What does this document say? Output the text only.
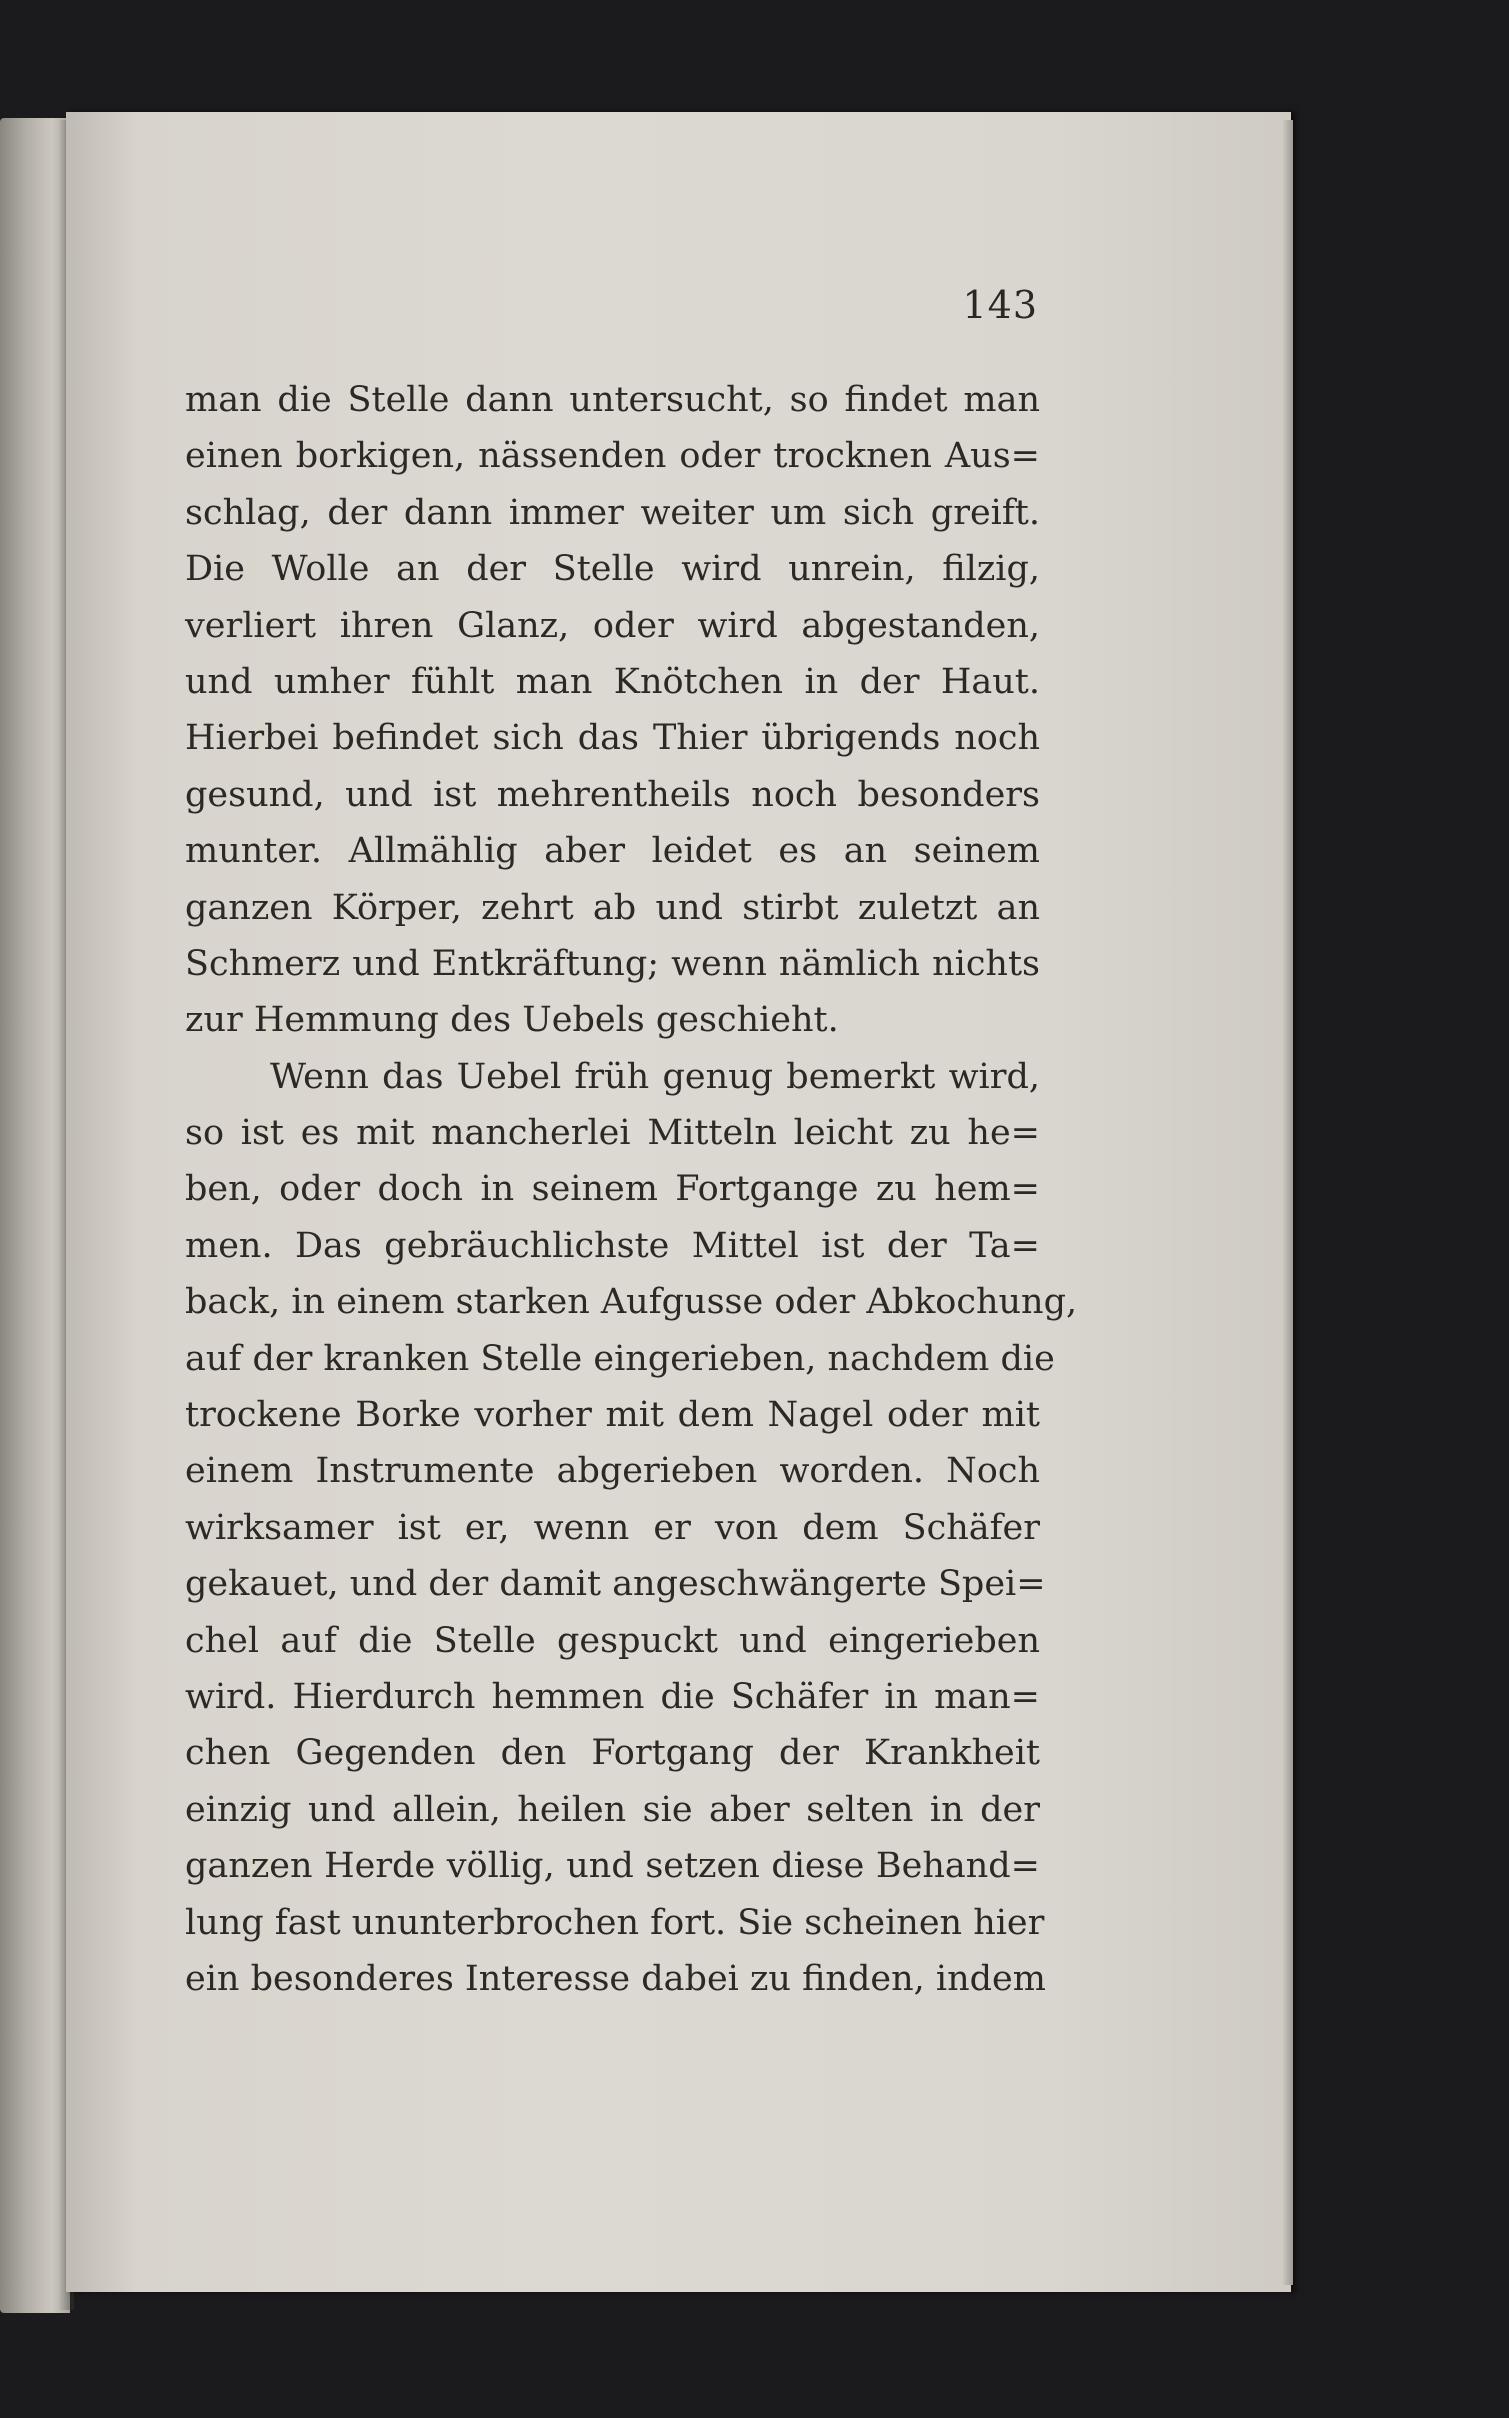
143
man die Stelle dann untersucht, so findet man
einen borkigen, nässenden oder trocknen Aus=
schlag, der dann immer weiter um sich greift.
Die Wolle an der Stelle wird unrein, filzig,
verliert ihren Glanz, oder wird abgestanden,
und umher fühlt man Knötchen in der Haut.
Hierbei befindet sich das Thier übrigends noch
gesund, und ist mehrentheils noch besonders
munter. Allmählig aber leidet es an seinem
ganzen Körper, zehrt ab und stirbt zuletzt an
Schmerz und Entkräftung; wenn nämlich nichts
zur Hemmung des Uebels geschieht.
Wenn das Uebel früh genug bemerkt wird,
so ist es mit mancherlei Mitteln leicht zu he=
ben, oder doch in seinem Fortgange zu hem=
men. Das gebräuchlichste Mittel ist der Ta=
back, in einem starken Aufgusse oder Abkochung,
auf der kranken Stelle eingerieben, nachdem die
trockene Borke vorher mit dem Nagel oder mit
einem Instrumente abgerieben worden. Noch
wirksamer ist er, wenn er von dem Schäfer
gekauet, und der damit angeschwängerte Spei=
chel auf die Stelle gespuckt und eingerieben
wird. Hierdurch hemmen die Schäfer in man=
chen Gegenden den Fortgang der Krankheit
einzig und allein, heilen sie aber selten in der
ganzen Herde völlig, und setzen diese Behand=
lung fast ununterbrochen fort. Sie scheinen hier
ein besonderes Interesse dabei zu finden, indem
